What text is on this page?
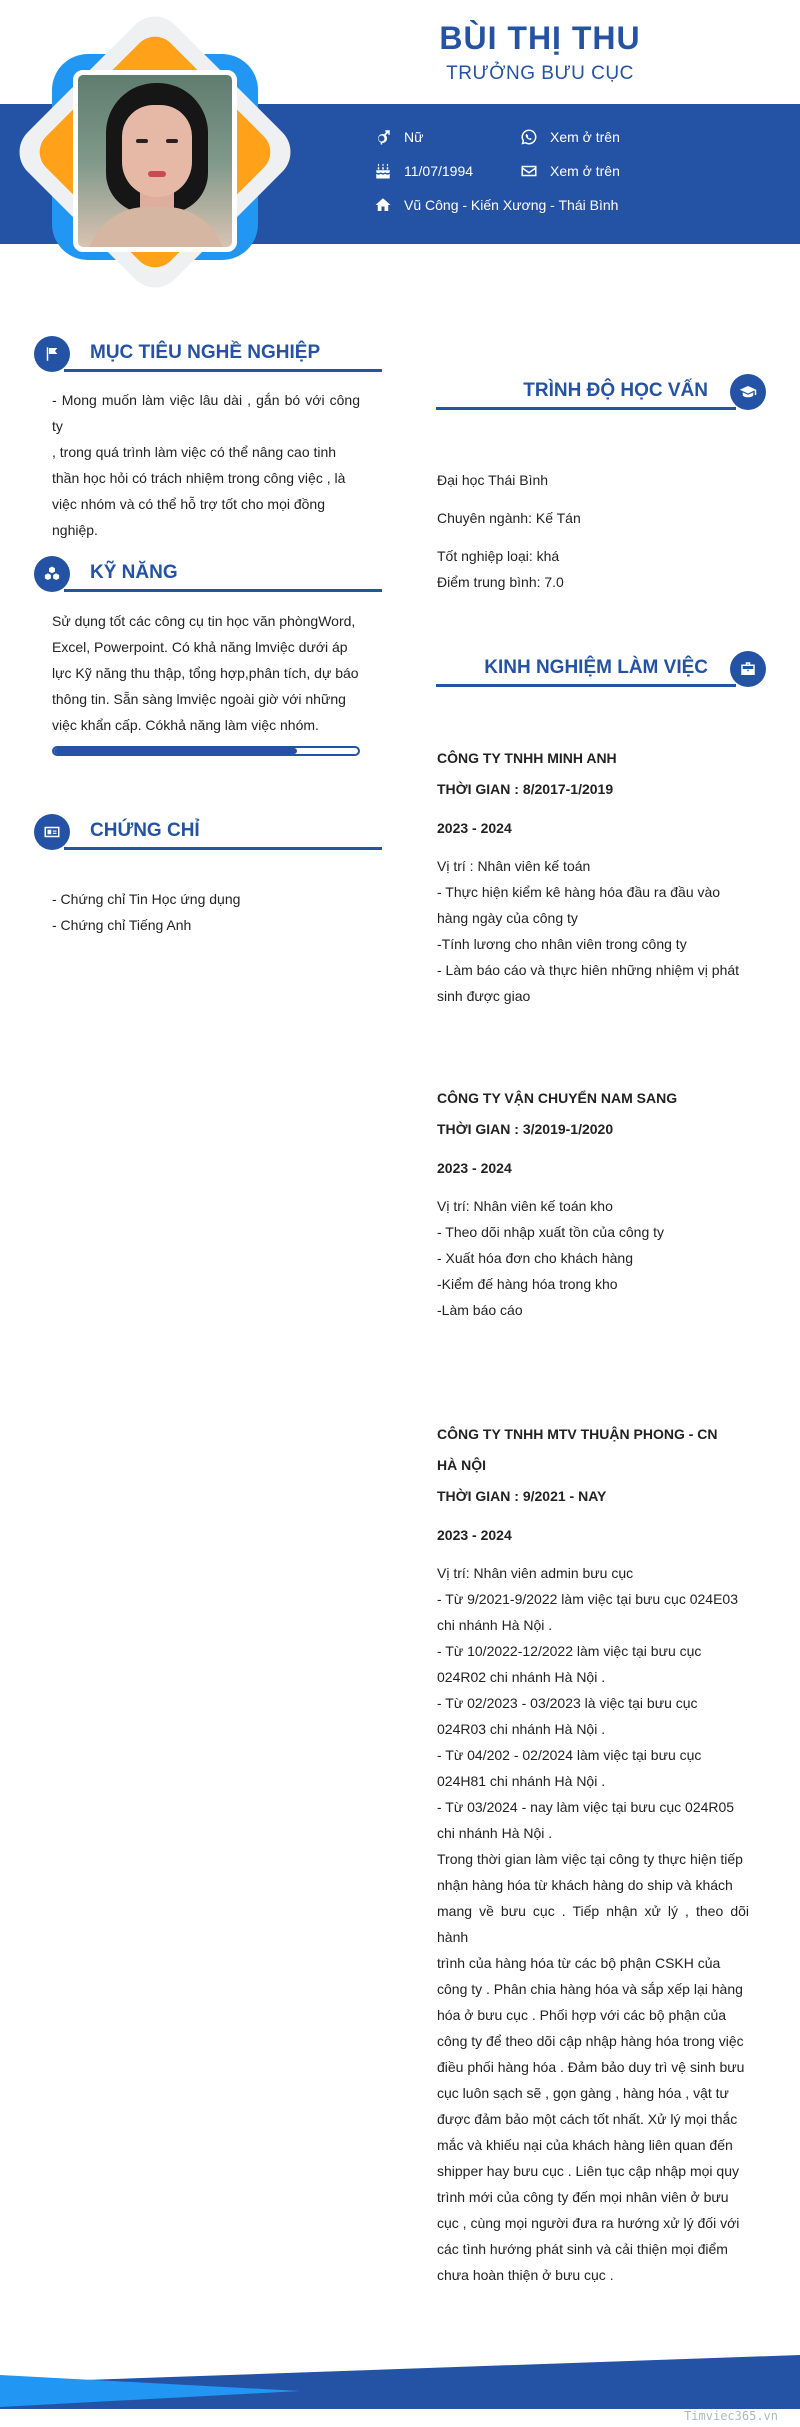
BÙI THỊ THU
TRƯỞNG BƯU CỤC
Nữ	Xem ở trên
11/07/1994	Xem ở trên
Vũ Công - Kiến Xương - Thái Bình
MỤC TIÊU NGHỀ NGHIỆP
- Mong muốn làm việc lâu dài , gắn bó với công ty
, trong quá trình làm việc có thể nâng cao tinh
thần học hỏi có trách nhiệm trong công việc , là
việc nhóm và có thể hỗ trợ tốt cho mọi đồng
nghiệp.
KỸ NĂNG
Sử dụng tốt các công cụ tin học văn phòngWord,
Excel, Powerpoint. Có khả năng lmviệc dưới áp
lực Kỹ năng thu thập, tổng hợp,phân tích, dự báo
thông tin. Sẵn sàng lmviệc ngoài giờ với những
việc khẩn cấp. Cókhả năng làm việc nhóm.
CHỨNG CHỈ
- Chứng chỉ Tin Học ứng dụng
- Chứng chỉ Tiếng Anh
TRÌNH ĐỘ HỌC VẤN
Đại học Thái Bình
Chuyên ngành: Kế Tán
Tốt nghiệp loại: khá
Điểm trung bình: 7.0
KINH NGHIỆM LÀM VIỆC
CÔNG TY TNHH MINH ANH
THỜI GIAN : 8/2017-1/2019
2023 - 2024
Vị trí : Nhân viên kế toán
- Thực hiện kiểm kê hàng hóa đầu ra đầu vào
hàng ngày của công ty
-Tính lương cho nhân viên trong công ty
- Làm báo cáo và thực hiên những nhiệm vị phát
sinh được giao
CÔNG TY VẬN CHUYỂN NAM SANG
THỜI GIAN : 3/2019-1/2020
2023 - 2024
Vị trí: Nhân viên kế toán kho
- Theo dõi nhập xuất tồn của công ty
- Xuất hóa đơn cho khách hàng
-Kiểm đế hàng hóa trong kho
-Làm báo cáo
CÔNG TY TNHH MTV THUẬN PHONG - CN
HÀ NỘI
THỜI GIAN : 9/2021 - NAY
2023 - 2024
Vị trí: Nhân viên admin bưu cục
- Từ 9/2021-9/2022 làm việc tại bưu cục 024E03
chi nhánh Hà Nội .
- Từ 10/2022-12/2022 làm việc tại bưu cục
024R02 chi nhánh Hà Nội .
- Từ 02/2023 - 03/2023 là việc tại bưu cục
024R03 chi nhánh Hà Nội .
- Từ 04/202 - 02/2024 làm việc tại bưu cục
024H81 chi nhánh Hà Nội .
- Từ 03/2024 - nay làm việc tại bưu cục 024R05
chi nhánh Hà Nội .
Trong thời gian làm việc tại công ty thực hiện tiếp
nhận hàng hóa từ khách hàng do ship và khách
mang về bưu cục . Tiếp nhận xử lý , theo dõi hành
trình của hàng hóa từ các bộ phận CSKH của
công ty . Phân chia hàng hóa và sắp xếp lại hàng
hóa ở bưu cục . Phối hợp với các bộ phận của
công ty để theo dõi cập nhập hàng hóa trong việc
điều phối hàng hóa . Đảm bảo duy trì vệ sinh bưu
cục luôn sạch sẽ , gọn gàng , hàng hóa , vật tư
được đảm bảo một cách tốt nhất. Xử lý mọi thắc
mắc và khiếu nại của khách hàng liên quan đến
shipper hay bưu cục . Liên tục cập nhập mọi quy
trình mới của công ty đến mọi nhân viên ở bưu
cục , cùng mọi người đưa ra hướng xử lý đối với
các tình hướng phát sinh và cải thiện mọi điểm
chưa hoàn thiện ở bưu cục .
Timviec365.vn
